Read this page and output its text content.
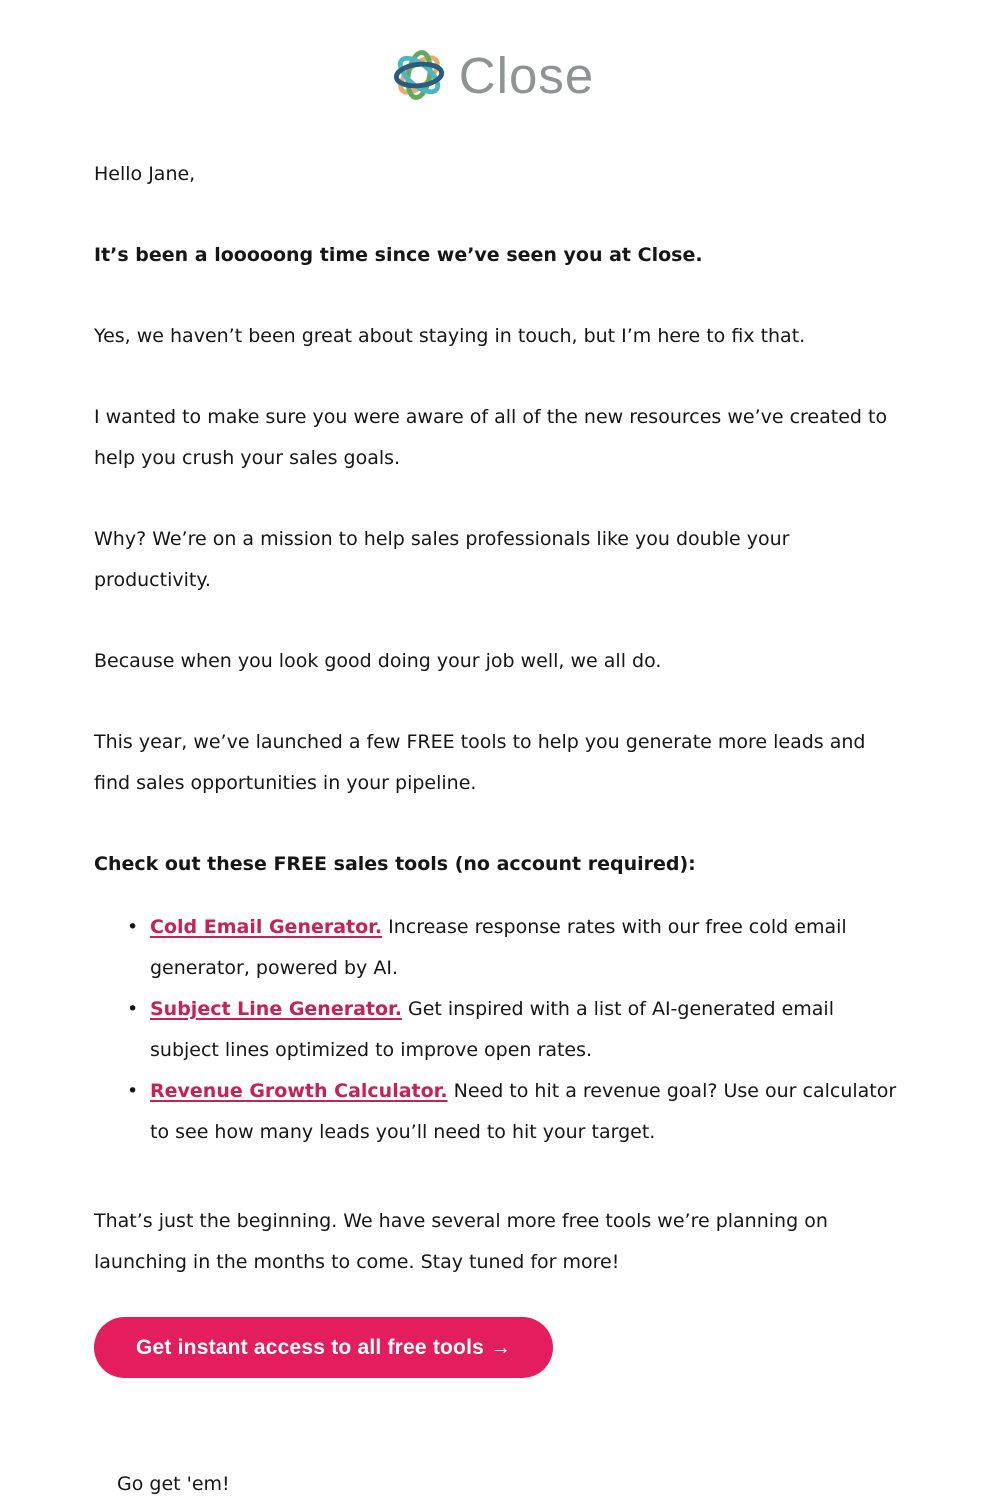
Close

Hello Jane,

It’s been a looooong time since we’ve seen you at Close.

Yes, we haven’t been great about staying in touch, but I’m here to fix that.

I wanted to make sure you were aware of all of the new resources we’ve created to help you crush your sales goals.

Why? We’re on a mission to help sales professionals like you double your productivity.

Because when you look good doing your job well, we all do.

This year, we’ve launched a few FREE tools to help you generate more leads and find sales opportunities in your pipeline.

Check out these FREE sales tools (no account required):

• Cold Email Generator. Increase response rates with our free cold email generator, powered by AI.
• Subject Line Generator. Get inspired with a list of AI-generated email subject lines optimized to improve open rates.
• Revenue Growth Calculator. Need to hit a revenue goal? Use our calculator to see how many leads you’ll need to hit your target.

That’s just the beginning. We have several more free tools we’re planning on launching in the months to come. Stay tuned for more!

Get instant access to all free tools →

Go get 'em!
